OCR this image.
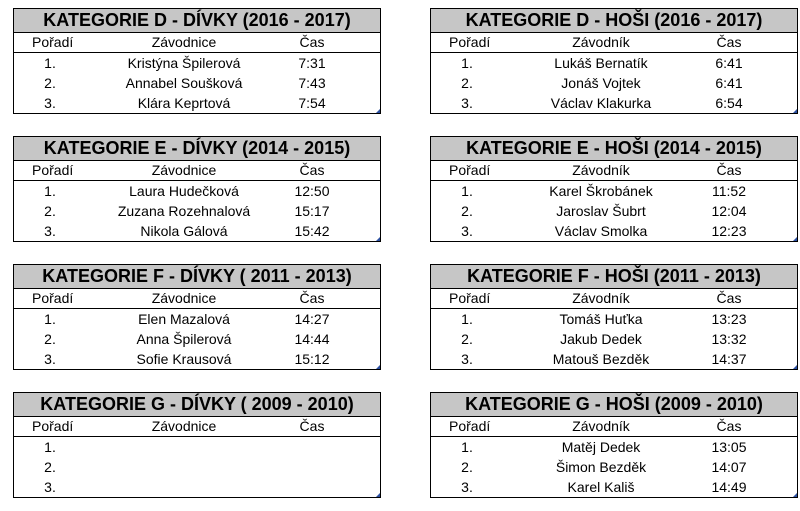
KATEGORIE D - DÍVKY (2016 - 2017)
Pořadí	Závodnice	Čas
1.	Kristýna Špilerová	7:31
2.	Annabel Soušková	7:43
3.	Klára Keprtová	7:54
KATEGORIE D - HOŠI (2016 - 2017)
Pořadí	Závodník	Čas
1.	Lukáš Bernatík	6:41
2.	Jonáš Vojtek	6:41
3.	Václav Klakurka	6:54
KATEGORIE E - DÍVKY (2014 - 2015)
Pořadí	Závodnice	Čas
1.	Laura Hudečková	12:50
2.	Zuzana Rozehnalová	15:17
3.	Nikola Gálová	15:42
KATEGORIE E - HOŠI (2014 - 2015)
Pořadí	Závodník	Čas
1.	Karel Škrobánek	11:52
2.	Jaroslav Šubrt	12:04
3.	Václav Smolka	12:23
KATEGORIE F - DÍVKY ( 2011 - 2013)
Pořadí	Závodnice	Čas
1.	Elen Mazalová	14:27
2.	Anna Špilerová	14:44
3.	Sofie Krausová	15:12
KATEGORIE F - HOŠI (2011 - 2013)
Pořadí	Závodník	Čas
1.	Tomáš Huťka	13:23
2.	Jakub Dedek	13:32
3.	Matouš Bezděk	14:37
KATEGORIE G - DÍVKY ( 2009 - 2010)
Pořadí	Závodnice	Čas
1.
2.
3.
KATEGORIE G - HOŠI (2009 - 2010)
Pořadí	Závodník	Čas
1.	Matěj Dedek	13:05
2.	Šimon Bezděk	14:07
3.	Karel Kališ	14:49
